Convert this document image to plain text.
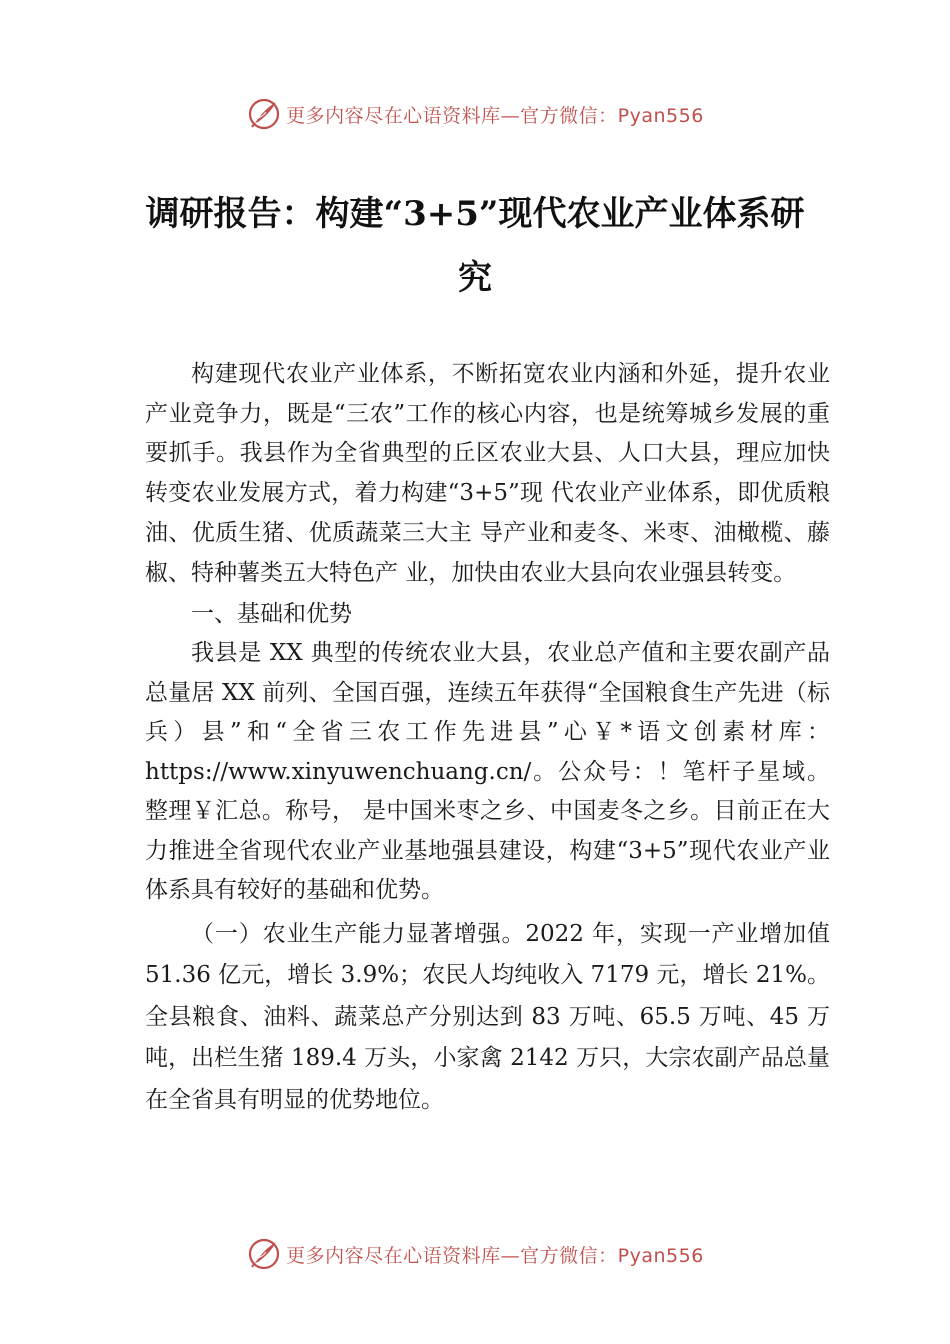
更多内容尽在心语资料库—官方微信：Pyan556
调研报告：构建“3+5”现代农业产业体系研究

构建现代农业产业体系，不断拓宽农业内涵和外延，提升农业产业竞争力，既是“三农”工作的核心内容，也是统筹城乡发展的重要抓手。我县作为全省典型的丘区农业大县、人口大县，理应加快转变农业发展方式，着力构建“3+5”现 代农业产业体系，即优质粮油、优质生猪、优质蔬菜三大主 导产业和麦冬、米枣、油橄榄、藤椒、特种薯类五大特色产 业，加快由农业大县向农业强县转变。

一、基础和优势

我县是 XX 典型的传统农业大县，农业总产值和主要农副产品总量居 XX 前列、全国百强，连续五年获得“全国粮食生产先进（标兵）县”和“全省三农工作先进县”心￥*语文创素材库：https://www.xinyuwenchuang.cn/。公众号：！笔杆子星域。整理￥汇总。称号， 是中国米枣之乡、中国麦冬之乡。目前正在大力推进全省现代农业产业基地强县建设，构建“3+5”现代农业产业体系具有较好的基础和优势。

（一）农业生产能力显著增强。2022 年，实现一产业增加值 51.36 亿元，增长 3.9%；农民人均纯收入 7179 元，增长 21%。全县粮食、油料、蔬菜总产分别达到 83 万吨、65.5 万吨、45 万吨，出栏生猪 189.4 万头，小家禽 2142 万只，大宗农副产品总量在全省具有明显的优势地位。

更多内容尽在心语资料库—官方微信：Pyan556
